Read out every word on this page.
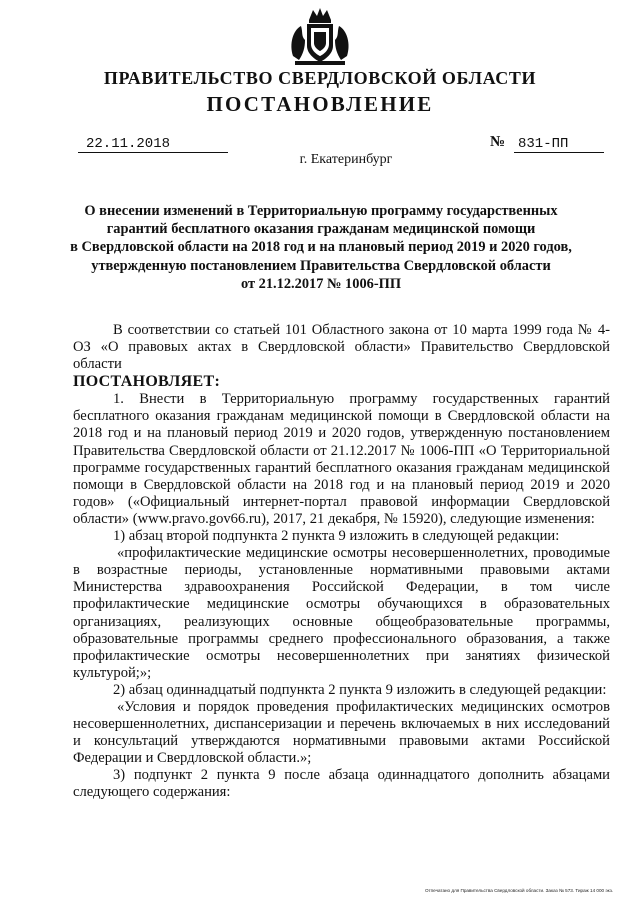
ПРАВИТЕЛЬСТВО СВЕРДЛОВСКОЙ ОБЛАСТИ
ПОСТАНОВЛЕНИЕ
22.11.2018	№ 831-ПП
г. Екатеринбург
О внесении изменений в Территориальную программу государственных
гарантий бесплатного оказания гражданам медицинской помощи
в Свердловской области на 2018 год и на плановый период 2019 и 2020 годов,
утвержденную постановлением Правительства Свердловской области
от 21.12.2017 № 1006-ПП

В соответствии со статьей 101 Областного закона от 10 марта 1999 года № 4-ОЗ «О правовых актах в Свердловской области» Правительство Свердловской области

ПОСТАНОВЛЯЕТ:

1. Внести в Территориальную программу государственных гарантий бесплатного оказания гражданам медицинской помощи в Свердловской области на 2018 год и на плановый период 2019 и 2020 годов, утвержденную постановлением Правительства Свердловской области от 21.12.2017 № 1006-ПП «О Территориальной программе государственных гарантий бесплатного оказания гражданам медицинской помощи в Свердловской области на 2018 год и на плановый период 2019 и 2020 годов» («Официальный интернет-портал правовой информации Свердловской области» (www.pravo.gov66.ru), 2017, 21 декабря, № 15920), следующие изменения:

1) абзац второй подпункта 2 пункта 9 изложить в следующей редакции:

«профилактические медицинские осмотры несовершеннолетних, проводимые в возрастные периоды, установленные нормативными правовыми актами Министерства здравоохранения Российской Федерации, в том числе профилактические медицинские осмотры обучающихся в образовательных организациях, реализующих основные общеобразовательные программы, образовательные программы среднего профессионального образования, а также профилактические осмотры несовершеннолетних при занятиях физической культурой;»;

2) абзац одиннадцатый подпункта 2 пункта 9 изложить в следующей редакции:

«Условия и порядок проведения профилактических медицинских осмотров несовершеннолетних, диспансеризации и перечень включаемых в них исследований и консультаций утверждаются нормативными правовыми актами Российской Федерации и Свердловской области.»;

3) подпункт 2 пункта 9 после абзаца одиннадцатого дополнить абзацами следующего содержания:

Отпечатано для Правительства Свердловской области. Заказ № 573. Тираж 14 000 экз.
